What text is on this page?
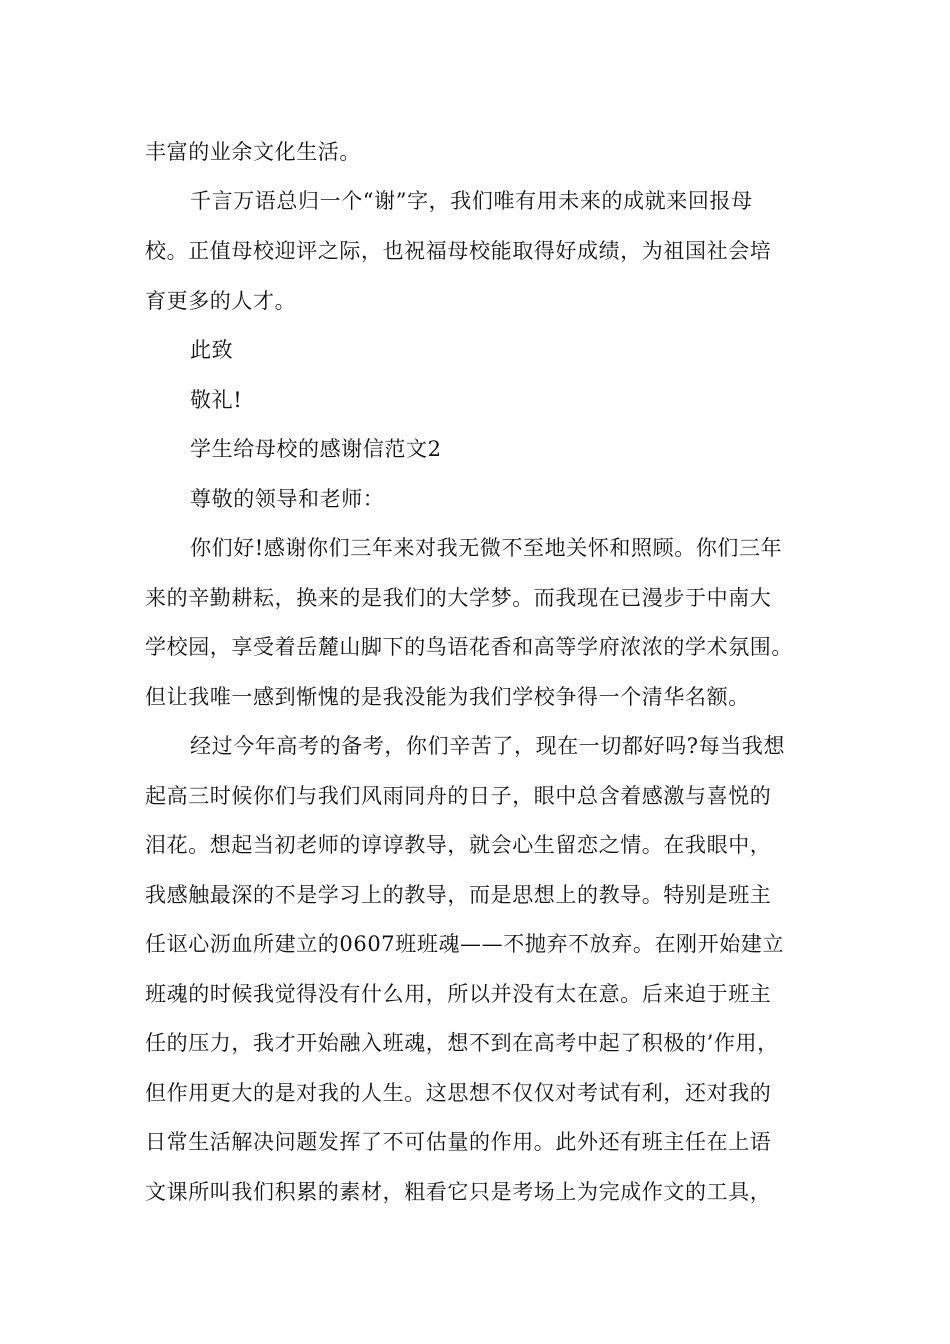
丰富的业余文化生活。
千言万语总归一个“谢”字，我们唯有用未来的成就来回报母
校。正值母校迎评之际，也祝福母校能取得好成绩，为祖国社会培
育更多的人才。
此致
敬礼!
学生给母校的感谢信范文2
尊敬的领导和老师：
你们好!感谢你们三年来对我无微不至地关怀和照顾。你们三年
来的辛勤耕耘，换来的是我们的大学梦。而我现在已漫步于中南大
学校园，享受着岳麓山脚下的鸟语花香和高等学府浓浓的学术氛围。
但让我唯一感到惭愧的是我没能为我们学校争得一个清华名额。
经过今年高考的备考，你们辛苦了，现在一切都好吗?每当我想
起高三时候你们与我们风雨同舟的日子，眼中总含着感激与喜悦的
泪花。想起当初老师的谆谆教导，就会心生留恋之情。在我眼中，
我感触最深的不是学习上的教导，而是思想上的教导。特别是班主
任讴心沥血所建立的0607班班魂——不抛弃不放弃。在刚开始建立
班魂的时候我觉得没有什么用，所以并没有太在意。后来迫于班主
任的压力，我才开始融入班魂，想不到在高考中起了积极的’作用，
但作用更大的是对我的人生。这思想不仅仅对考试有利，还对我的
日常生活解决问题发挥了不可估量的作用。此外还有班主任在上语
文课所叫我们积累的素材，粗看它只是考场上为完成作文的工具，
